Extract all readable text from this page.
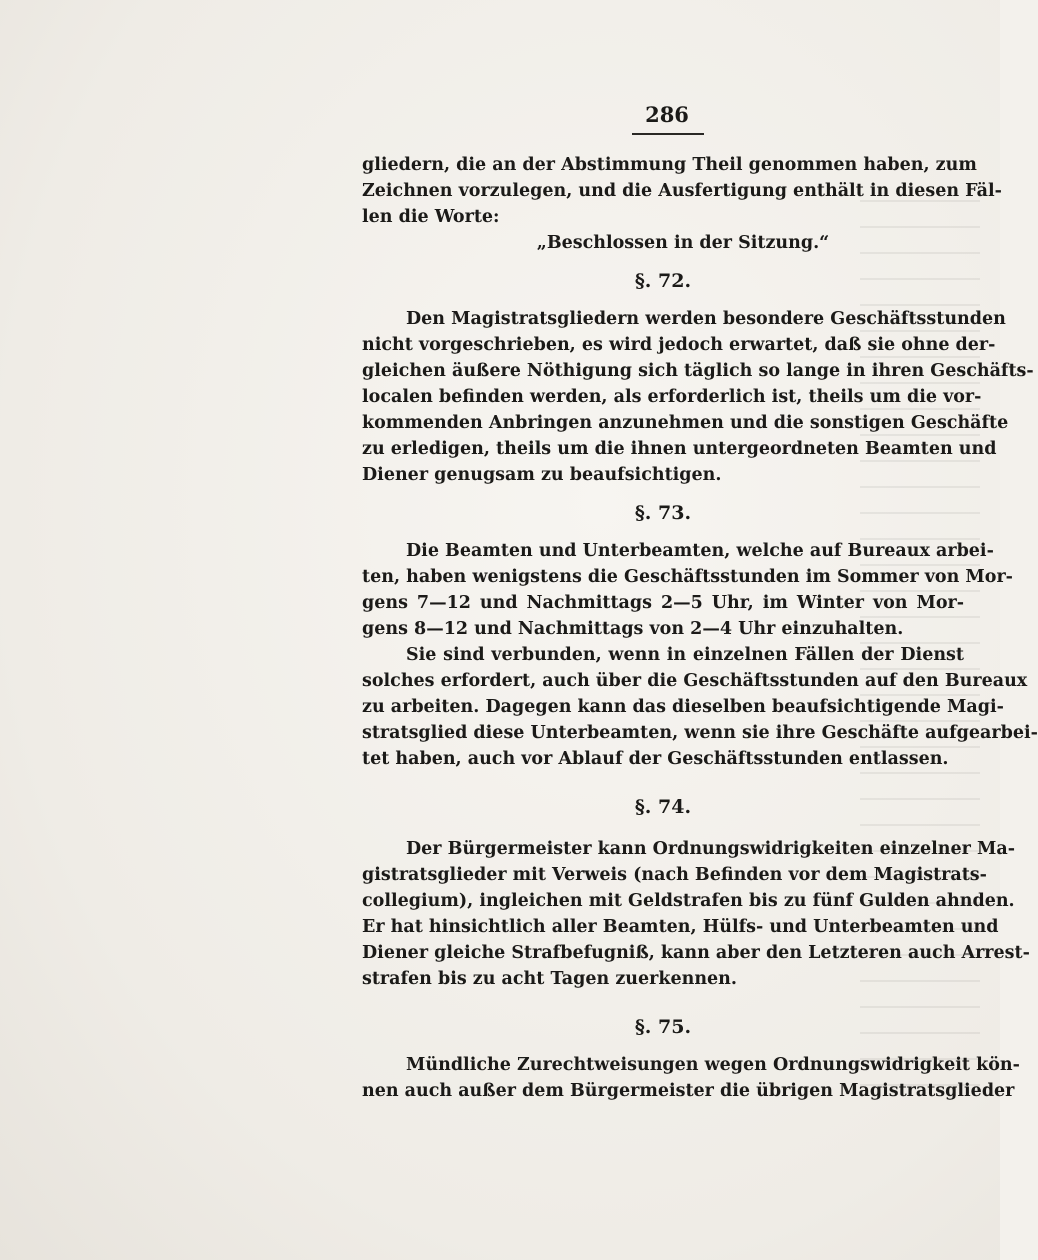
286
gliedern, die an der Abstimmung Theil genommen haben, zum
Zeichnen vorzulegen, und die Ausfertigung enthält in diesen Fäl-
len die Worte:
„Beschlossen in der Sitzung.“
§. 72.
Den Magistratsgliedern werden besondere Geschäftsstunden
nicht vorgeschrieben, es wird jedoch erwartet, daß sie ohne der-
gleichen äußere Nöthigung sich täglich so lange in ihren Geschäfts-
localen befinden werden, als erforderlich ist, theils um die vor-
kommenden Anbringen anzunehmen und die sonstigen Geschäfte
zu erledigen, theils um die ihnen untergeordneten Beamten und
Diener genugsam zu beaufsichtigen.
§. 73.
Die Beamten und Unterbeamten, welche auf Bureaux arbei-
ten, haben wenigstens die Geschäftsstunden im Sommer von Mor-
gens 7—12 und Nachmittags 2—5 Uhr, im Winter von Mor-
gens 8—12 und Nachmittags von 2—4 Uhr einzuhalten.
Sie sind verbunden, wenn in einzelnen Fällen der Dienst
solches erfordert, auch über die Geschäftsstunden auf den Bureaux
zu arbeiten. Dagegen kann das dieselben beaufsichtigende Magi-
stratsglied diese Unterbeamten, wenn sie ihre Geschäfte aufgearbei-
tet haben, auch vor Ablauf der Geschäftsstunden entlassen.
§. 74.
Der Bürgermeister kann Ordnungswidrigkeiten einzelner Ma-
gistratsglieder mit Verweis (nach Befinden vor dem Magistrats-
collegium), ingleichen mit Geldstrafen bis zu fünf Gulden ahnden.
Er hat hinsichtlich aller Beamten, Hülfs- und Unterbeamten und
Diener gleiche Strafbefugniß, kann aber den Letzteren auch Arrest-
strafen bis zu acht Tagen zuerkennen.
§. 75.
Mündliche Zurechtweisungen wegen Ordnungswidrigkeit kön-
nen auch außer dem Bürgermeister die übrigen Magistratsglieder
